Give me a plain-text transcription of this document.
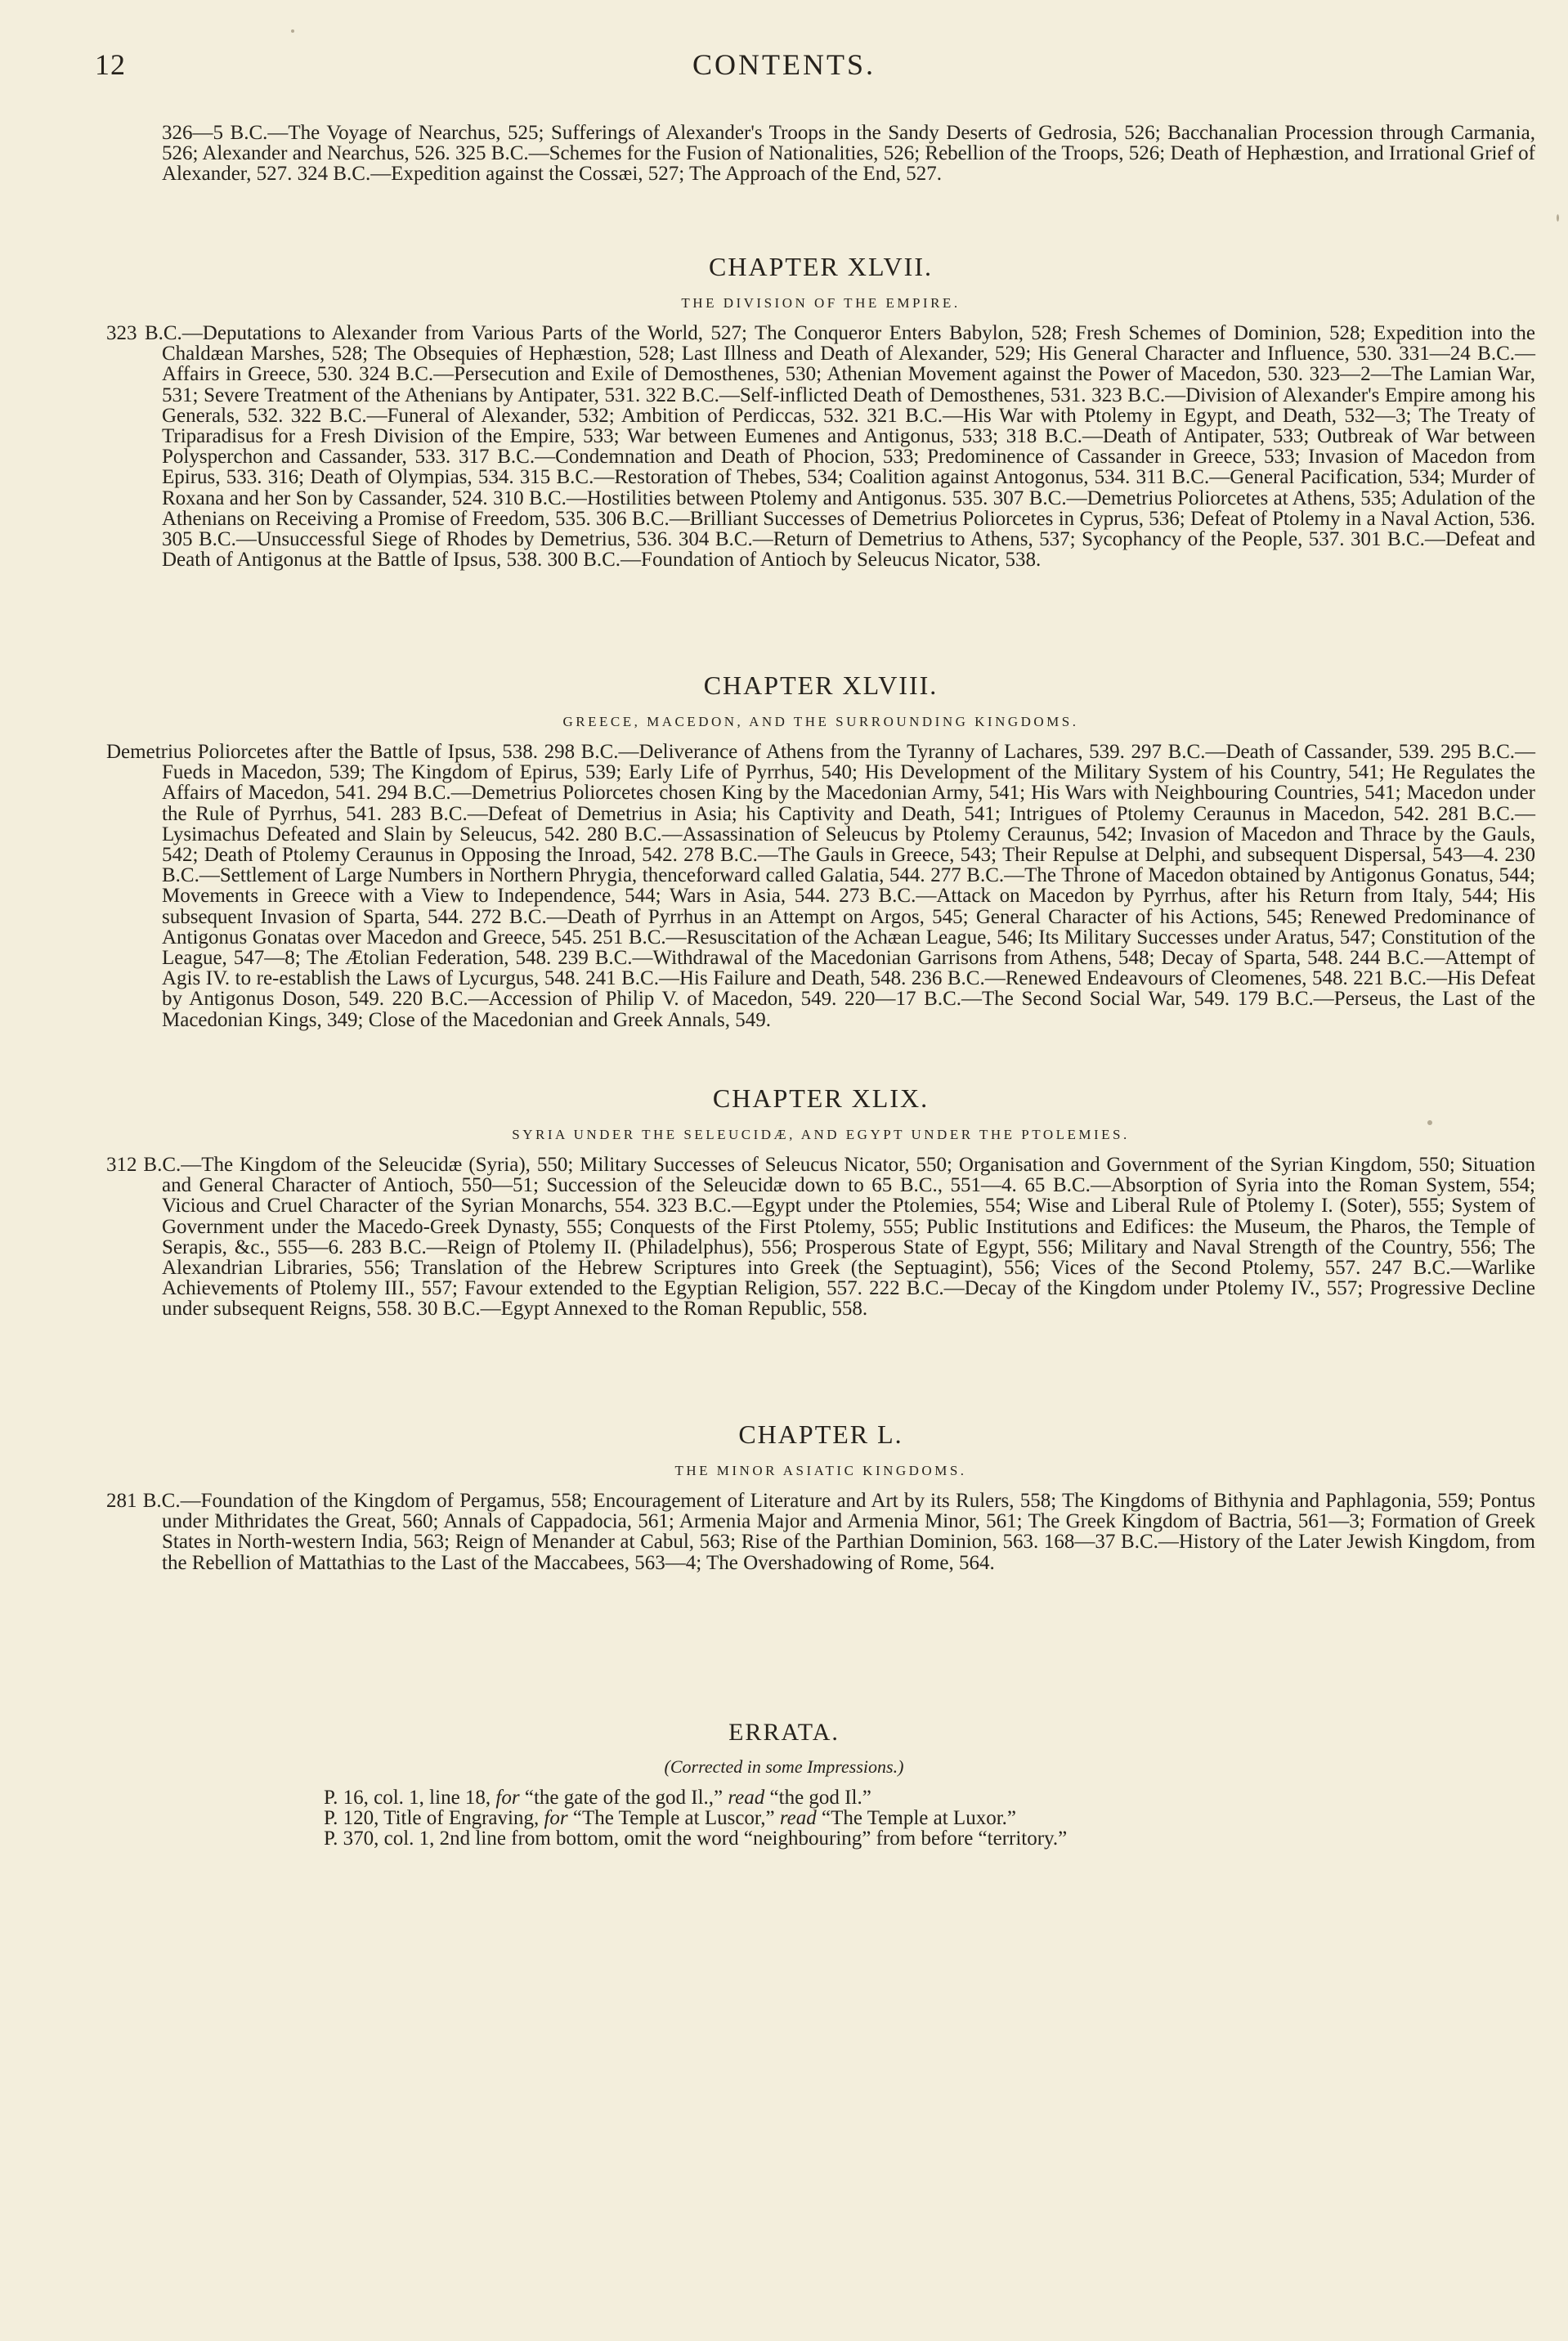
CONTENTS.
12

326—5 B.C.—The Voyage of Nearchus, 525; Sufferings of Alexander's Troops in the Sandy Deserts of Gedrosia, 526; Bacchanalian Procession through Carmania, 526; Alexander and Nearchus, 526. 325 B.C.—Schemes for the Fusion of Nationalities, 526; Rebellion of the Troops, 526; Death of Hephæstion, and Irrational Grief of Alexander, 527. 324 B.C.—Expedition against the Cossæi, 527; The Approach of the End, 527.

CHAPTER XLVII.

THE DIVISION OF THE EMPIRE.

323 B.C.—Deputations to Alexander from Various Parts of the World, 527; The Conqueror Enters Babylon, 528; Fresh Schemes of Dominion, 528; Expedition into the Chaldæan Marshes, 528; The Obsequies of Hephæstion, 528; Last Illness and Death of Alexander, 529; His General Character and Influence, 530. 331—24 B.C.—Affairs in Greece, 530. 324 B.C.—Persecution and Exile of Demosthenes, 530; Athenian Movement against the Power of Macedon, 530. 323—2—The Lamian War, 531; Severe Treatment of the Athenians by Antipater, 531. 322 B.C.—Self-inflicted Death of Demosthenes, 531. 323 B.C.—Division of Alexander's Empire among his Generals, 532. 322 B.C.—Funeral of Alexander, 532; Ambition of Perdiccas, 532. 321 B.C.—His War with Ptolemy in Egypt, and Death, 532—3; The Treaty of Triparadisus for a Fresh Division of the Empire, 533; War between Eumenes and Antigonus, 533; 318 B.C.—Death of Antipater, 533; Outbreak of War between Polysperchon and Cassander, 533. 317 B.C.—Condemnation and Death of Phocion, 533; Predominence of Cassander in Greece, 533; Invasion of Macedon from Epirus, 533. 316; Death of Olympias, 534. 315 B.C.—Restoration of Thebes, 534; Coalition against Antogonus, 534. 311 B.C.—General Pacification, 534; Murder of Roxana and her Son by Cassander, 524. 310 B.C.—Hostilities between Ptolemy and Antigonus. 535. 307 B.C.—Demetrius Poliorcetes at Athens, 535; Adulation of the Athenians on Receiving a Promise of Freedom, 535. 306 B.C.—Brilliant Successes of Demetrius Poliorcetes in Cyprus, 536; Defeat of Ptolemy in a Naval Action, 536. 305 B.C.—Unsuccessful Siege of Rhodes by Demetrius, 536. 304 B.C.—Return of Demetrius to Athens, 537; Sycophancy of the People, 537. 301 B.C.—Defeat and Death of Antigonus at the Battle of Ipsus, 538. 300 B.C.—Foundation of Antioch by Seleucus Nicator, 538.

CHAPTER XLVIII.

GREECE, MACEDON, AND THE SURROUNDING KINGDOMS.

Demetrius Poliorcetes after the Battle of Ipsus, 538. 298 B.C.—Deliverance of Athens from the Tyranny of Lachares, 539. 297 B.C.—Death of Cassander, 539. 295 B.C.—Fueds in Macedon, 539; The Kingdom of Epirus, 539; Early Life of Pyrrhus, 540; His Development of the Military System of his Country, 541; He Regulates the Affairs of Macedon, 541. 294 B.C.—Demetrius Poliorcetes chosen King by the Macedonian Army, 541; His Wars with Neighbouring Countries, 541; Macedon under the Rule of Pyrrhus, 541. 283 B.C.—Defeat of Demetrius in Asia; his Captivity and Death, 541; Intrigues of Ptolemy Ceraunus in Macedon, 542. 281 B.C.—Lysimachus Defeated and Slain by Seleucus, 542. 280 B.C.—Assassination of Seleucus by Ptolemy Ceraunus, 542; Invasion of Macedon and Thrace by the Gauls, 542; Death of Ptolemy Ceraunus in Opposing the Inroad, 542. 278 B.C.—The Gauls in Greece, 543; Their Repulse at Delphi, and subsequent Dispersal, 543—4. 230 B.C.—Settlement of Large Numbers in Northern Phrygia, thenceforward called Galatia, 544. 277 B.C.—The Throne of Macedon obtained by Antigonus Gonatus, 544; Movements in Greece with a View to Independence, 544; Wars in Asia, 544. 273 B.C.—Attack on Macedon by Pyrrhus, after his Return from Italy, 544; His subsequent Invasion of Sparta, 544. 272 B.C.—Death of Pyrrhus in an Attempt on Argos, 545; General Character of his Actions, 545; Renewed Predominance of Antigonus Gonatas over Macedon and Greece, 545. 251 B.C.—Resuscitation of the Achæan League, 546; Its Military Successes under Aratus, 547; Constitution of the League, 547—8; The Ætolian Federation, 548. 239 B.C.—Withdrawal of the Macedonian Garrisons from Athens, 548; Decay of Sparta, 548. 244 B.C.—Attempt of Agis IV. to re-establish the Laws of Lycurgus, 548. 241 B.C.—His Failure and Death, 548. 236 B.C.—Renewed Endeavours of Cleomenes, 548. 221 B.C.—His Defeat by Antigonus Doson, 549. 220 B.C.—Accession of Philip V. of Macedon, 549. 220—17 B.C.—The Second Social War, 549. 179 B.C.—Perseus, the Last of the Macedonian Kings, 349; Close of the Macedonian and Greek Annals, 549.

CHAPTER XLIX.

SYRIA UNDER THE SELEUCIDÆ, AND EGYPT UNDER THE PTOLEMIES.

312 B.C.—The Kingdom of the Seleucidæ (Syria), 550; Military Successes of Seleucus Nicator, 550; Organisation and Government of the Syrian Kingdom, 550; Situation and General Character of Antioch, 550—51; Succession of the Seleucidæ down to 65 B.C., 551—4. 65 B.C.—Absorption of Syria into the Roman System, 554; Vicious and Cruel Character of the Syrian Monarchs, 554. 323 B.C.—Egypt under the Ptolemies, 554; Wise and Liberal Rule of Ptolemy I. (Soter), 555; System of Government under the Macedo-Greek Dynasty, 555; Conquests of the First Ptolemy, 555; Public Institutions and Edifices: the Museum, the Pharos, the Temple of Serapis, &c., 555—6. 283 B.C.—Reign of Ptolemy II. (Philadelphus), 556; Prosperous State of Egypt, 556; Military and Naval Strength of the Country, 556; The Alexandrian Libraries, 556; Translation of the Hebrew Scriptures into Greek (the Septuagint), 556; Vices of the Second Ptolemy, 557. 247 B.C.—Warlike Achievements of Ptolemy III., 557; Favour extended to the Egyptian Religion, 557. 222 B.C.—Decay of the Kingdom under Ptolemy IV., 557; Progressive Decline under subsequent Reigns, 558. 30 B.C.—Egypt Annexed to the Roman Republic, 558.

CHAPTER L.

THE MINOR ASIATIC KINGDOMS.

281 B.C.—Foundation of the Kingdom of Pergamus, 558; Encouragement of Literature and Art by its Rulers, 558; The Kingdoms of Bithynia and Paphlagonia, 559; Pontus under Mithridates the Great, 560; Annals of Cappadocia, 561; Armenia Major and Armenia Minor, 561; The Greek Kingdom of Bactria, 561—3; Formation of Greek States in North-western India, 563; Reign of Menander at Cabul, 563; Rise of the Parthian Dominion, 563. 168—37 B.C.—History of the Later Jewish Kingdom, from the Rebellion of Mattathias to the Last of the Maccabees, 563—4; The Overshadowing of Rome, 564.

ERRATA.

(Corrected in some Impressions.)

P. 16, col. 1, line 18, for “the gate of the god Il.,” read “the god Il.”

P. 120, Title of Engraving, for “The Temple at Luscor,” read “The Temple at Luxor.”

P. 370, col. 1, 2nd line from bottom, omit the word “neighbouring” from before “territory.”
